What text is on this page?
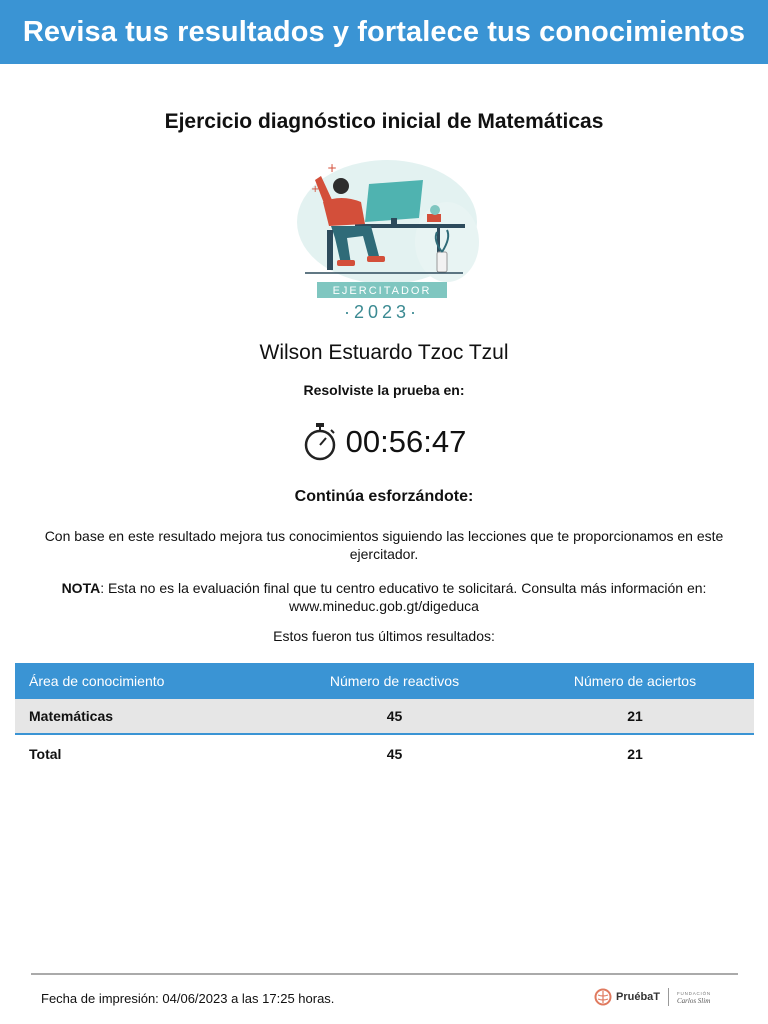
Revisa tus resultados y fortalece tus conocimientos
Ejercicio diagnóstico inicial de Matemáticas
+
+
EJERCITADOR
·2023·
Wilson Estuardo Tzoc Tzul
Resolviste la prueba en:
00:56:47
Continúa esforzándote:
Con base en este resultado mejora tus conocimientos siguiendo las lecciones que te proporcionamos en este ejercitador.
NOTA: Esta no es la evaluación final que tu centro educativo te solicitará. Consulta más información en: www.mineduc.gob.gt/digeduca
Estos fueron tus últimos resultados:
Área de conocimiento	Número de reactivos	Número de aciertos
Matemáticas	45	21
Total	45	21
Fecha de impresión: 04/06/2023 a las 17:25 horas.	PruébaT	FUNDACIÓN
Carlos Slim
